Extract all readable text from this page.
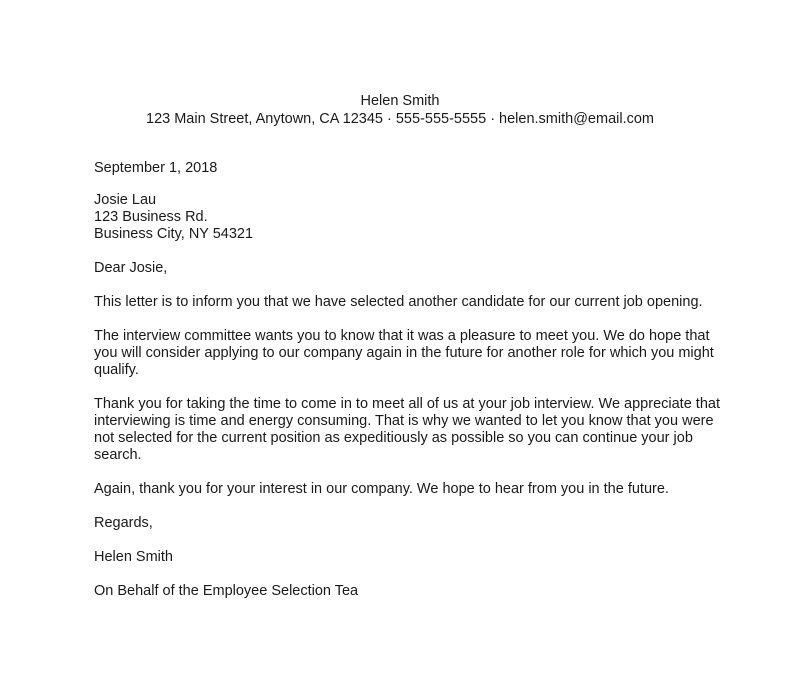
Helen Smith
123 Main Street, Anytown, CA 12345 · 555-555-5555 · helen.smith@email.com
September 1, 2018
Josie Lau
123 Business Rd.
Business City, NY 54321

Dear Josie,

This letter is to inform you that we have selected another candidate for our current job opening.

The interview committee wants you to know that it was a pleasure to meet you. We do hope that you will consider applying to our company again in the future for another role for which you might qualify.

Thank you for taking the time to come in to meet all of us at your job interview. We appreciate that interviewing is time and energy consuming. That is why we wanted to let you know that you were not selected for the current position as expeditiously as possible so you can continue your job search.

Again, thank you for your interest in our company. We hope to hear from you in the future.

Regards,

Helen Smith

On Behalf of the Employee Selection Tea
